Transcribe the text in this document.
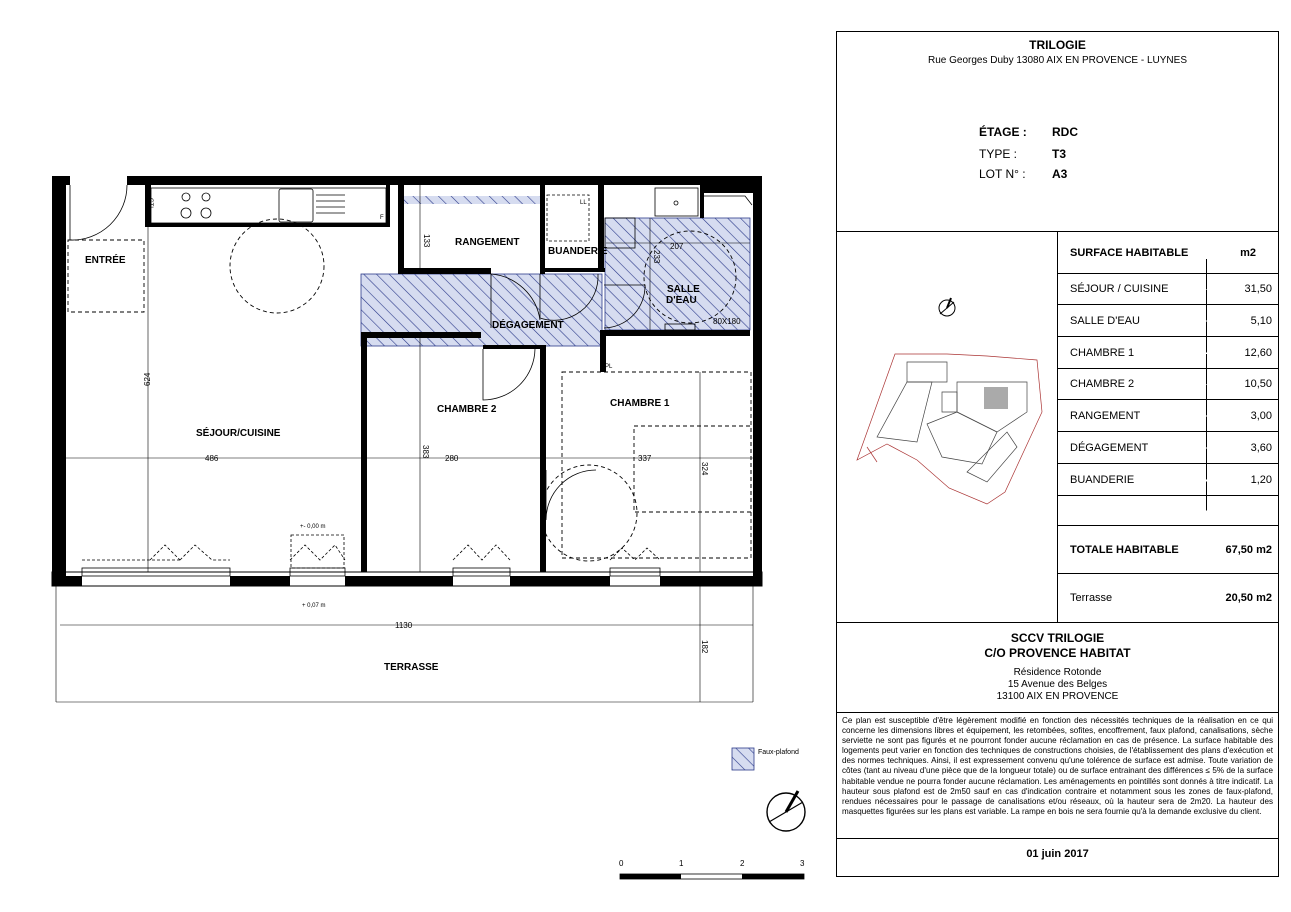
ENTRÉE
SÉJOUR/CUISINE
RANGEMENT
BUANDERIE
SALLE
D'EAU
DÉGAGEMENT
CHAMBRE 2
CHAMBRE 1
TERRASSE
486
624
133	207
233
80X180
383
280	337
324
1130
182
+- 0,00 m
+ 0,07 m
GTL	LL
F
PL
Faux-plafond
0	1	2	3
TRILOGIE
Rue Georges Duby 13080 AIX EN PROVENCE - LUYNES
ÉTAGE : RDC
TYPE :	T3
LOT N° : A3
SURFACE HABITABLE	m2
SÉJOUR / CUISINE	31,50
SALLE D'EAU	5,10
CHAMBRE 1	12,60
CHAMBRE 2	10,50
RANGEMENT	3,00
DÉGAGEMENT	3,60
BUANDERIE	1,20
TOTALE HABITABLE	67,50 m2
Terrasse	20,50 m2
SCCV TRILOGIE
C/O PROVENCE HABITAT
Résidence Rotonde
15 Avenue des Belges
13100 AIX EN PROVENCE

Ce plan est susceptible d'être légèrement modifié en fonction des nécessités techniques de la réalisation en ce qui concerne les dimensions libres et équipement, les retombées, sofites, encoffrement, faux plafond, canalisations, sèche serviette ne sont pas figurés et ne pourront fonder aucune réclamation en cas de présence. La surface habitable des logements peut varier en fonction des techniques de constructions choisies, de l'établissement des plans d'exécution et des normes techniques. Ainsi, il est expressement convenu qu'une tolérence de surface est admise. Toute variation de côtes (tant au niveau d'une pièce que de la longueur totale) ou de surface entrainant des différences ≤ 5% de la surface habitable vendue ne pourra fonder aucune réclamation. Les aménagements en pointillés sont donnés à titre indicatif. La hauteur sous plafond est de 2m50 sauf en cas d'indication contraire et notamment sous les zones de faux-plafond, rendues nécessaires pour le passage de canalisations et/ou réseaux, où la hauteur sera de 2m20. La hauteur des masquettes figurées sur les plans est variable. La rampe en bois ne sera fournie qu'à la demande exclusive du client.

01 juin 2017
